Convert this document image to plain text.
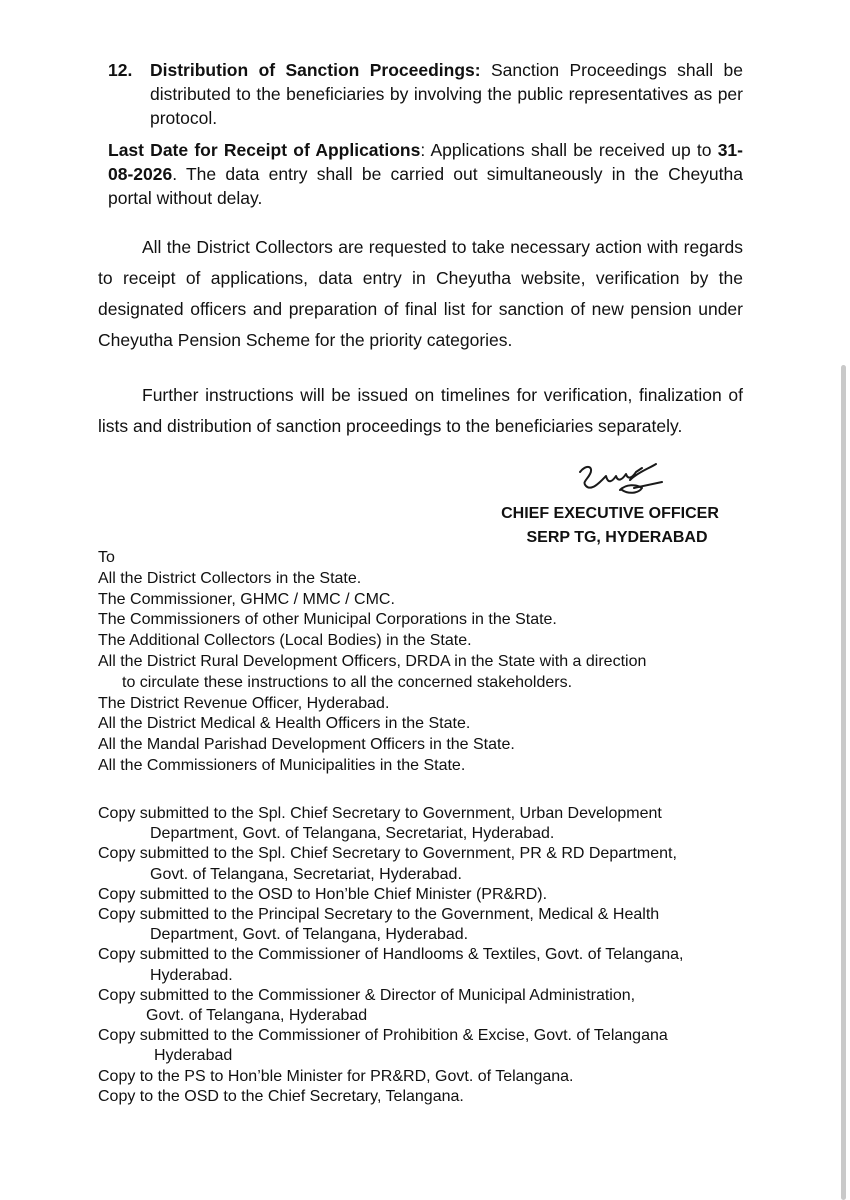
12. Distribution of Sanction Proceedings: Sanction Proceedings shall be distributed to the beneficiaries by involving the public representatives as per protocol.
Last Date for Receipt of Applications: Applications shall be received up to 31-08-2026. The data entry shall be carried out simultaneously in the Cheyutha portal without delay.
All the District Collectors are requested to take necessary action with regards to receipt of applications, data entry in Cheyutha website, verification by the designated officers and preparation of final list for sanction of new pension under Cheyutha Pension Scheme for the priority categories.
Further instructions will be issued on timelines for verification, finalization of lists and distribution of sanction proceedings to the beneficiaries separately.
CHIEF EXECUTIVE OFFICER
SERP TG, HYDERABAD
To
All the District Collectors in the State.
The Commissioner, GHMC / MMC / CMC.
The Commissioners of other Municipal Corporations in the State.
The Additional Collectors (Local Bodies) in the State.
All the District Rural Development Officers, DRDA in the State with a direction
to circulate these instructions to all the concerned stakeholders.
The District Revenue Officer, Hyderabad.
All the District Medical & Health Officers in the State.
All the Mandal Parishad Development Officers in the State.
All the Commissioners of Municipalities in the State.
Copy submitted to the Spl. Chief Secretary to Government, Urban Development
Department, Govt. of Telangana, Secretariat, Hyderabad.
Copy submitted to the Spl. Chief Secretary to Government, PR & RD Department,
Govt. of Telangana, Secretariat, Hyderabad.
Copy submitted to the OSD to Hon’ble Chief Minister (PR&RD).
Copy submitted to the Principal Secretary to the Government, Medical & Health
Department, Govt. of Telangana, Hyderabad.
Copy submitted to the Commissioner of Handlooms & Textiles, Govt. of Telangana,
Hyderabad.
Copy submitted to the Commissioner & Director of Municipal Administration,
Govt. of Telangana, Hyderabad
Copy submitted to the Commissioner of Prohibition & Excise, Govt. of Telangana
Hyderabad
Copy to the PS to Hon’ble Minister for PR&RD, Govt. of Telangana.
Copy to the OSD to the Chief Secretary, Telangana.
